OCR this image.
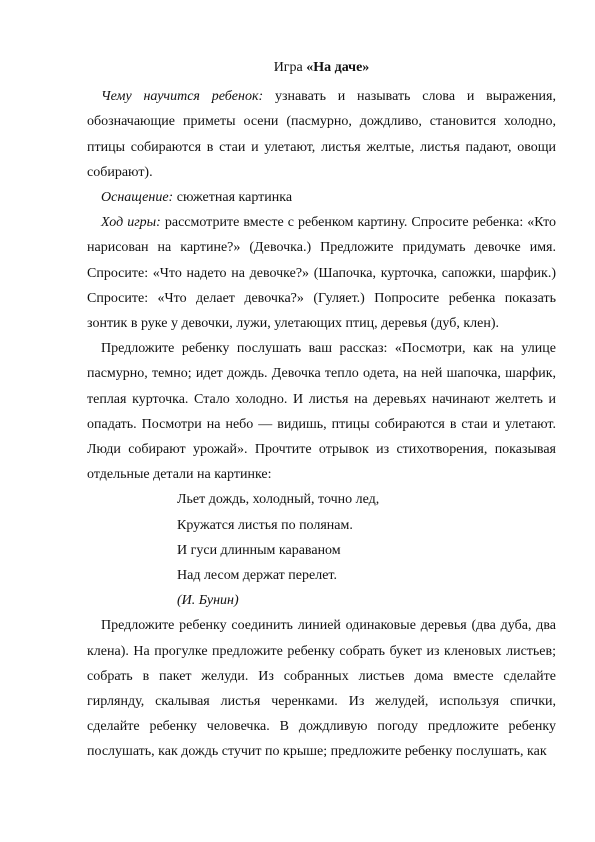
Игра «На даче»

Чему научится ребенок: узнавать и называть слова и выражения, обозначающие приметы осени (пасмурно, дождливо, становится холодно, птицы собираются в стаи и улетают, листья желтые, листья падают, овощи собирают).

Оснащение: сюжетная картинка

Ход игры: рассмотрите вместе с ребенком картину. Спросите ребенка: «Кто нарисован на картине?» (Девочка.) Предложите придумать девочке имя. Спросите: «Что надето на девочке?» (Шапочка, курточка, сапожки, шарфик.) Спросите: «Что делает девочка?» (Гуляет.) Попросите ребенка показать зонтик в руке у девочки, лужи, улетающих птиц, деревья (дуб, клен).

Предложите ребенку послушать ваш рассказ: «Посмотри, как на улице пасмурно, темно; идет дождь. Девочка тепло одета, на ней шапочка, шарфик, теплая курточка. Стало холодно. И листья на деревьях начинают желтеть и опадать. Посмотри на небо — видишь, птицы собираются в стаи и улетают. Люди собирают урожай». Прочтите отрывок из стихотворения, показывая отдельные детали на картинке:

Льет дождь, холодный, точно лед,
Кружатся листья по полянам.
И гуси длинным караваном
Над лесом держат перелет.
(И. Бунин)

Предложите ребенку соединить линией одинаковые деревья (два дуба, два клена). На прогулке предложите ребенку собрать букет из кленовых листьев; собрать в пакет желуди. Из собранных листьев дома вместе сделайте гирлянду, скалывая листья черенками. Из желудей, используя спички, сделайте ребенку человечка. В дождливую погоду предложите ребенку послушать, как дождь стучит по крыше; предложите ребенку послушать, как
